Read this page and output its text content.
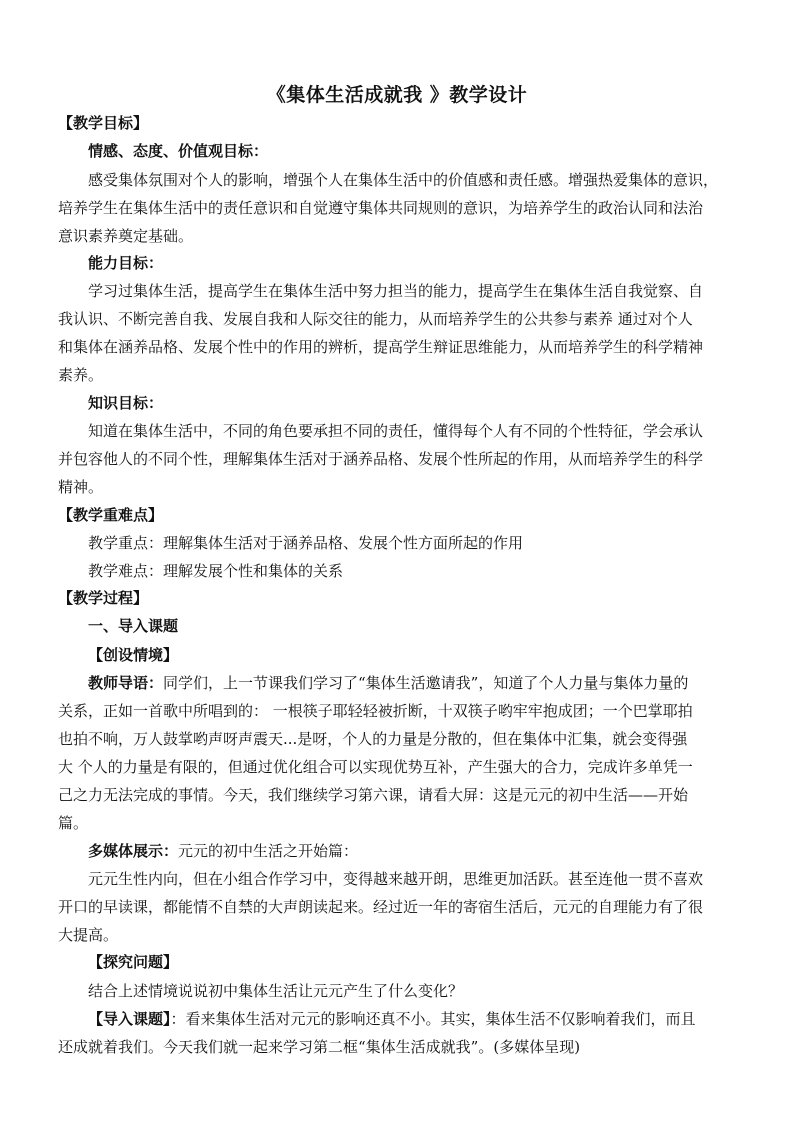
《集体生活成就我 》教学设计
【教学目标】
情感、态度、价值观目标：
感受集体氛围对个人的影响，增强个人在集体生活中的价值感和责任感。增强热爱集体的意识，
培养学生在集体生活中的责任意识和自觉遵守集体共同规则的意识，为培养学生的政治认同和法治
意识素养奠定基础。
能力目标：
学习过集体生活，提高学生在集体生活中努力担当的能力，提高学生在集体生活自我觉察、自
我认识、不断完善自我、发展自我和人际交往的能力，从而培养学生的公共参与素养 通过对个人
和集体在涵养品格、发展个性中的作用的辨析，提高学生辩证思维能力，从而培养学生的科学精神
素养。
知识目标：
知道在集体生活中，不同的角色要承担不同的责任，懂得每个人有不同的个性特征，学会承认
并包容他人的不同个性，理解集体生活对于涵养品格、发展个性所起的作用，从而培养学生的科学
精神。
【教学重难点】
教学重点：理解集体生活对于涵养品格、发展个性方面所起的作用
教学难点：理解发展个性和集体的关系
【教学过程】
一、导入课题
【创设情境】
教师导语：同学们，上一节课我们学习了“集体生活邀请我”，知道了个人力量与集体力量的
关系，正如一首歌中所唱到的： 一根筷子耶轻轻被折断，十双筷子哟牢牢抱成团；一个巴掌耶拍
也拍不响，万人鼓掌哟声呀声震天...是呀，个人的力量是分散的，但在集体中汇集，就会变得强
大 个人的力量是有限的，但通过优化组合可以实现优势互补，产生强大的合力，完成许多单凭一
己之力无法完成的事情。今天，我们继续学习第六课，请看大屏：这是元元的初中生活——开始
篇。
多媒体展示：元元的初中生活之开始篇：
元元生性内向，但在小组合作学习中，变得越来越开朗，思维更加活跃。甚至连他一贯不喜欢
开口的早读课，都能情不自禁的大声朗读起来。经过近一年的寄宿生活后，元元的自理能力有了很
大提高。
【探究问题】
结合上述情境说说初中集体生活让元元产生了什么变化？
【导入课题】：看来集体生活对元元的影响还真不小。其实，集体生活不仅影响着我们，而且
还成就着我们。今天我们就一起来学习第二框“集体生活成就我”。(多媒体呈现)
